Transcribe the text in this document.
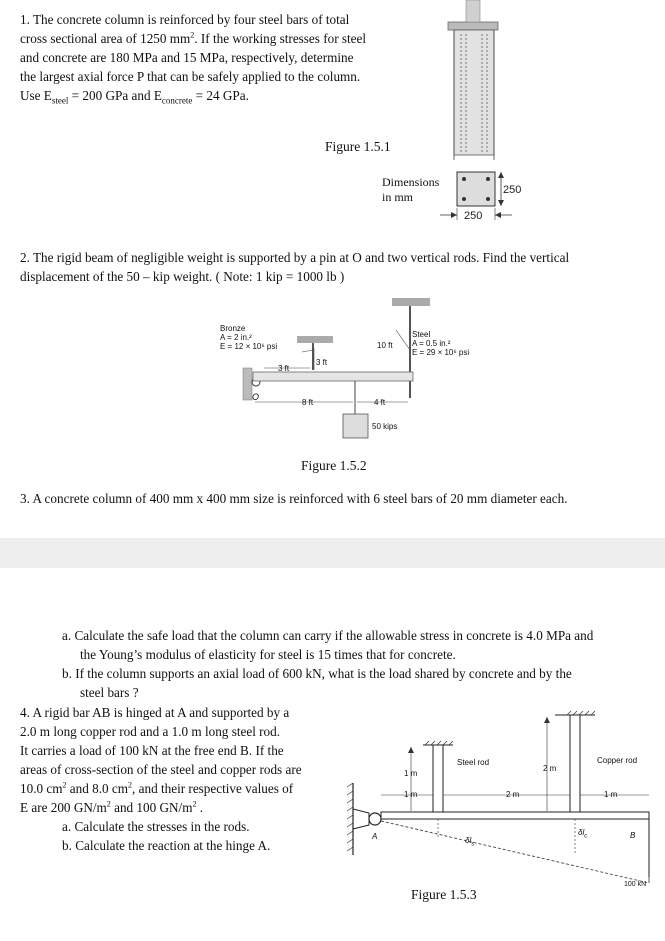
1. The concrete column is reinforced by four steel bars of total
cross sectional area of 1250 $mm^2$. If the working stresses for steel
and concrete are 180 MPa and 15 MPa, respectively, determine
the largest axial force P that can be safely applied to the column.
Use $E_{steel} = 200$ GPa and $E_{concrete} = 24$ GPa.
Figure 1.5.1
250
250
Dimensions
in mm
2. The rigid beam of negligible weight is supported by a pin at O and two vertical rods. Find the vertical
displacement of the 50 – kip weight. ( Note: 1 kip = 1000 lb )
Bronze
A = 2 in.²
E = 12 × 10⁶ psi
3 ft
3 ft
10 ft
Steel
A = 0.5 in.²
E = 29 × 10⁶ psi
O
8 ft	4 ft
50 kips
Figure 1.5.2
3. A concrete column of 400 mm x 400 mm size is reinforced with 6 steel bars of 20 mm diameter each.
a. Calculate the safe load that the column can carry if the allowable stress in concrete is 4.0 MPa and
the Young’s modulus of elasticity for steel is 15 times that for concrete.
b. If the column supports an axial load of 600 kN, what is the load shared by concrete and by the
steel bars ?
4. A rigid bar AB is hinged at A and supported by a
2.0 m long copper rod and a 1.0 m long steel rod.
It carries a load of 100 kN at the free end B. If the
areas of cross-section of the steel and copper rods are
10.0 $cm^2$ and 8.0 $cm^2$, and their respective values of
E are 200 $GN/m^2$ and 100 $GN/m^2$ .
a. Calculate the stresses in the rods.
b. Calculate the reaction at the hinge A.
Steel rod	Copper rod
1 m
1 m
2 m
2 m	1 m
A	B
$\delta l_s$
$\delta l_c$
100 kN
Figure 1.5.3
